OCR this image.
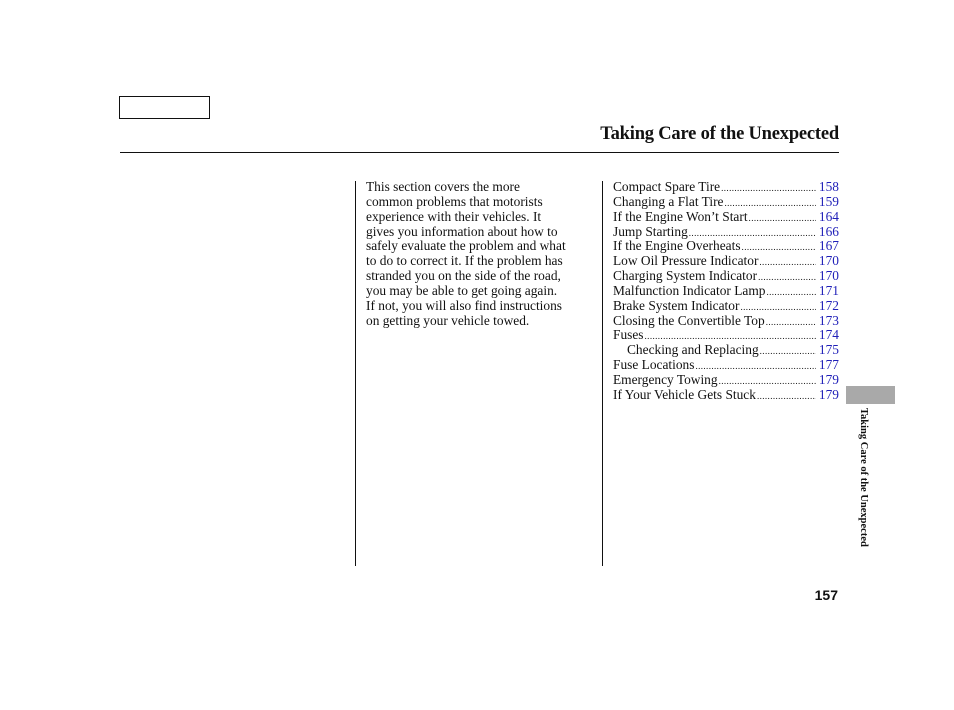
Taking Care of the Unexpected
This section covers the more
common problems that motorists
experience with their vehicles. It
gives you information about how to
safely evaluate the problem and what
to do to correct it. If the problem has
stranded you on the side of the road,
you may be able to get going again.
If not, you will also find instructions
on getting your vehicle towed.
Compact Spare Tire .....	158
Changing a Flat Tire .....	159
If the Engine Won’t Start .....	164
Jump Starting .....	166
If the Engine Overheats .....	167
Low Oil Pressure Indicator .....	170
Charging System Indicator .....	170
Malfunction Indicator Lamp .....	171
Brake System Indicator .....	172
Closing the Convertible Top .....	173
Fuses .....	174
Checking and Replacing .....	175
Fuse Locations .....	177
Emergency Towing .....	179
If Your Vehicle Gets Stuck .....	179
Taking Care of the Unexpected
157
